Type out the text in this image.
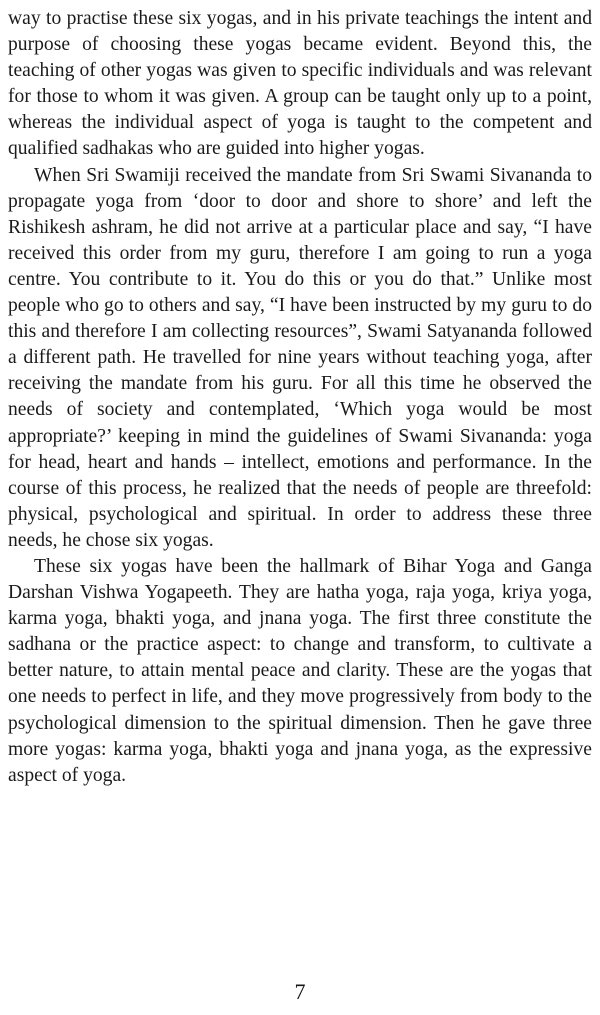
way to practise these six yogas, and in his private teachings the intent and purpose of choosing these yogas became evident. Beyond this, the teaching of other yogas was given to specific individuals and was relevant for those to whom it was given. A group can be taught only up to a point, whereas the individual aspect of yoga is taught to the competent and qualified sadhakas who are guided into higher yogas.

When Sri Swamiji received the mandate from Sri Swami Sivananda to propagate yoga from ‘door to door and shore to shore’ and left the Rishikesh ashram, he did not arrive at a particular place and say, “I have received this order from my guru, therefore I am going to run a yoga centre. You contribute to it. You do this or you do that.” Unlike most people who go to others and say, “I have been instructed by my guru to do this and therefore I am collecting resources”, Swami Satyananda followed a different path. He travelled for nine years without teaching yoga, after receiving the mandate from his guru. For all this time he observed the needs of society and contemplated, ‘Which yoga would be most appropriate?’ keeping in mind the guidelines of Swami Sivananda: yoga for head, heart and hands – intellect, emotions and performance. In the course of this process, he realized that the needs of people are threefold: physical, psychological and spiritual. In order to address these three needs, he chose six yogas.

These six yogas have been the hallmark of Bihar Yoga and Ganga Darshan Vishwa Yogapeeth. They are hatha yoga, raja yoga, kriya yoga, karma yoga, bhakti yoga, and jnana yoga. The first three constitute the sadhana or the practice aspect: to change and transform, to cultivate a better nature, to attain mental peace and clarity. These are the yogas that one needs to perfect in life, and they move progressively from body to the psychological dimension to the spiritual dimension. Then he gave three more yogas: karma yoga, bhakti yoga and jnana yoga, as the expressive aspect of yoga.

7
